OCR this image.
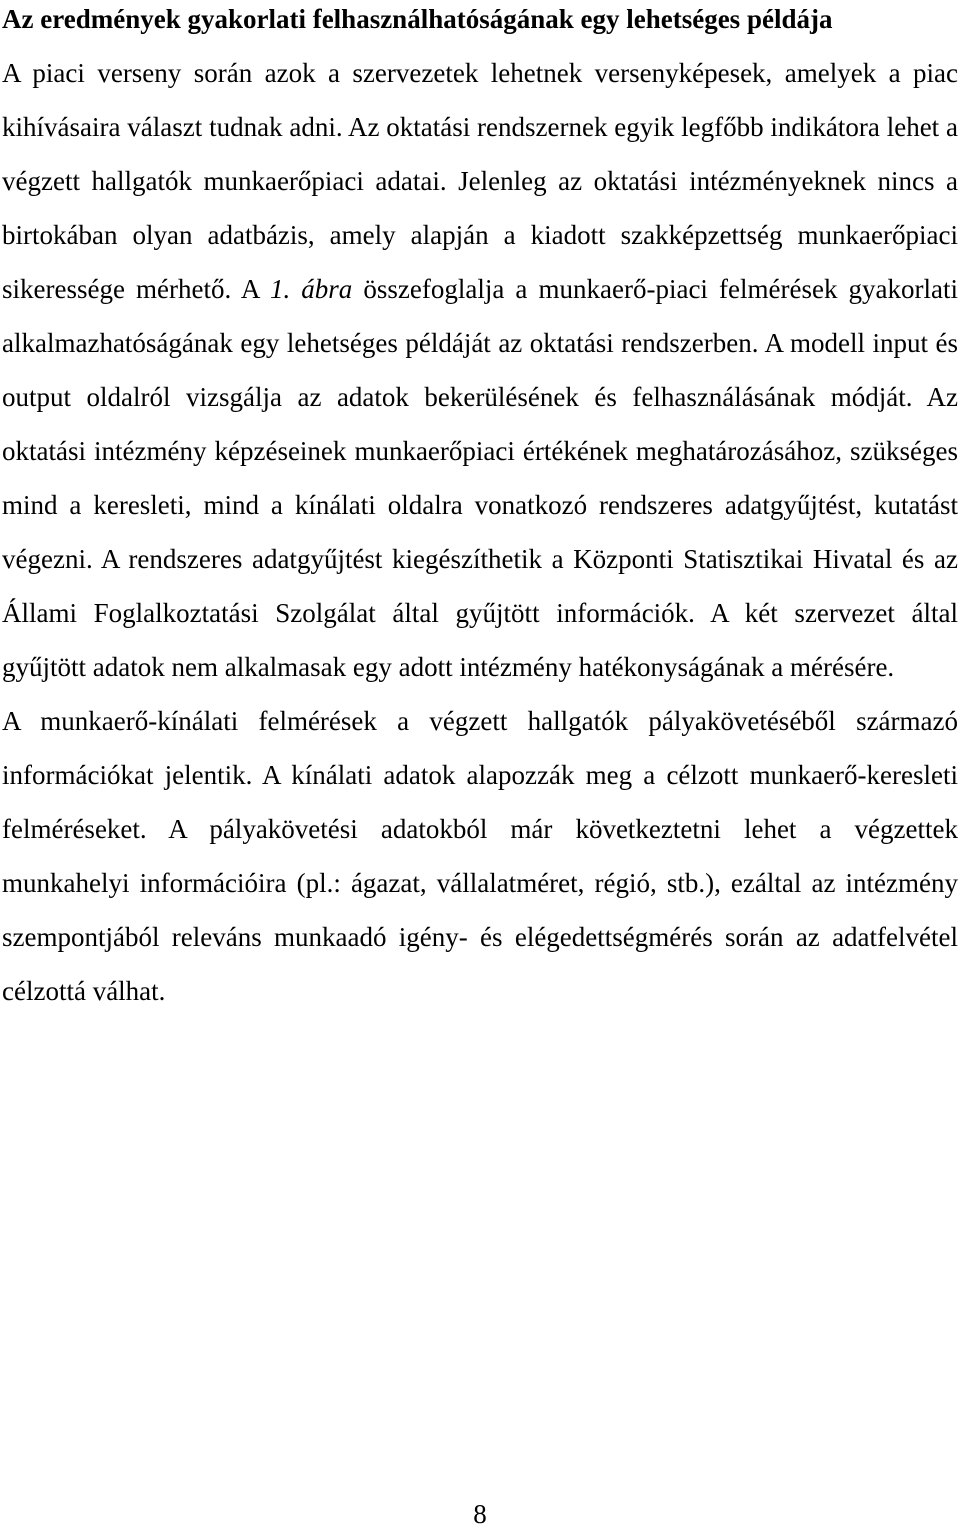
Az eredmények gyakorlati felhasználhatóságának egy lehetséges példája

A piaci verseny során azok a szervezetek lehetnek versenyképesek, amelyek a piac kihívásaira választ tudnak adni. Az oktatási rendszernek egyik legfőbb indikátora lehet a végzett hallgatók munkaerőpiaci adatai. Jelenleg az oktatási intézményeknek nincs a birtokában olyan adatbázis, amely alapján a kiadott szakképzettség munkaerőpiaci sikeressége mérhető. A 1. ábra összefoglalja a munkaerő-piaci felmérések gyakorlati alkalmazhatóságának egy lehetséges példáját az oktatási rendszerben. A modell input és output oldalról vizsgálja az adatok bekerülésének és felhasználásának módját. Az oktatási intézmény képzéseinek munkaerőpiaci értékének meghatározásához, szükséges mind a keresleti, mind a kínálati oldalra vonatkozó rendszeres adatgyűjtést, kutatást végezni. A rendszeres adatgyűjtést kiegészíthetik a Központi Statisztikai Hivatal és az Állami Foglalkoztatási Szolgálat által gyűjtött információk. A két szervezet által gyűjtött adatok nem alkalmasak egy adott intézmény hatékonyságának a mérésére.

A munkaerő-kínálati felmérések a végzett hallgatók pályakövetéséből származó információkat jelentik. A kínálati adatok alapozzák meg a célzott munkaerő-keresleti felméréseket. A pályakövetési adatokból már következtetni lehet a végzettek munkahelyi információira (pl.: ágazat, vállalatméret, régió, stb.), ezáltal az intézmény szempontjából releváns munkaadó igény- és elégedettségmérés során az adatfelvétel célzottá válhat.

8
